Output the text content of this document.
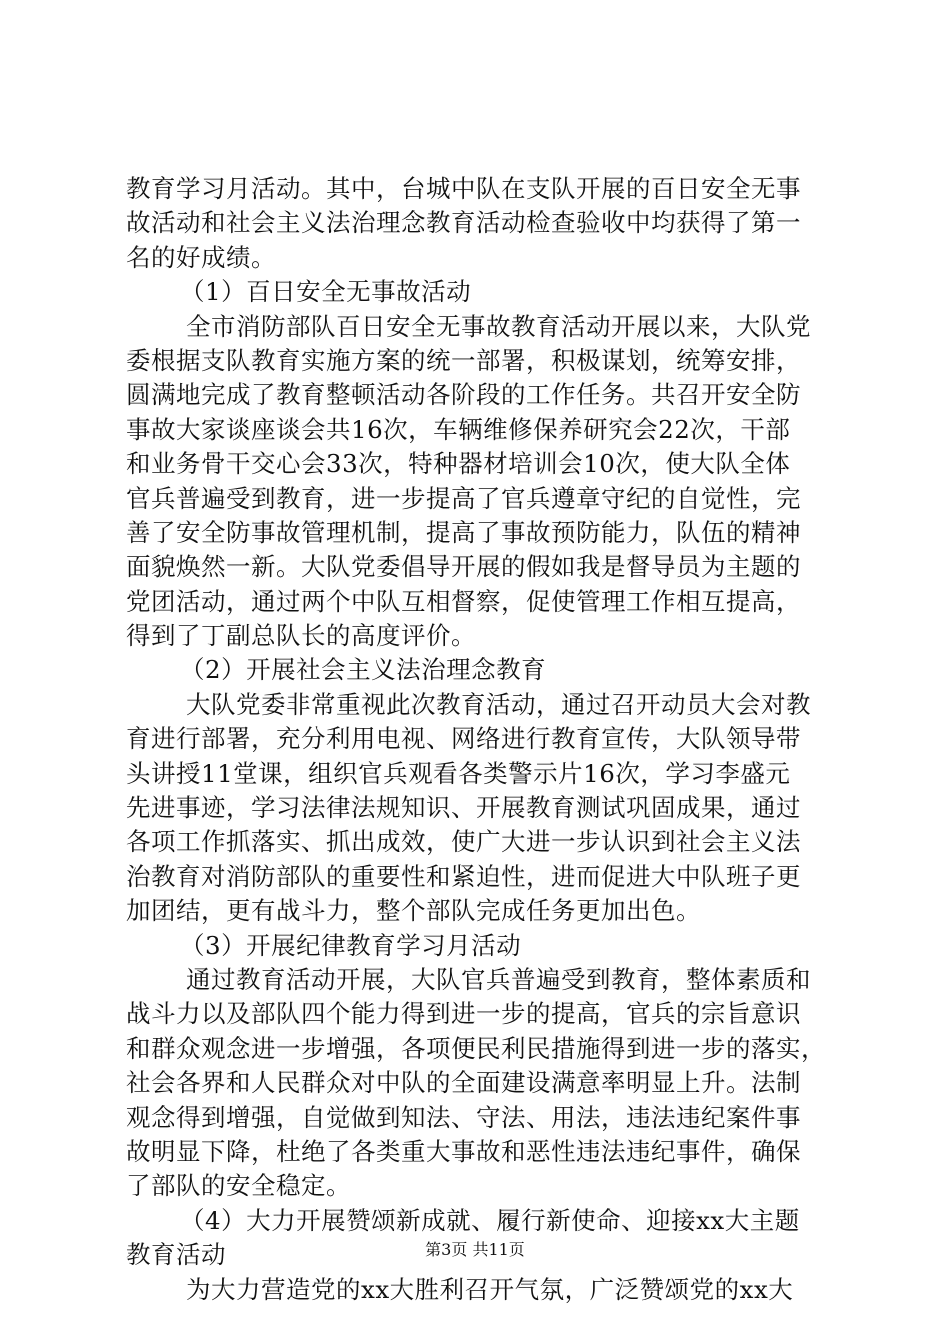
教育学习月活动。其中，台城中队在支队开展的百日安全无事
故活动和社会主义法治理念教育活动检查验收中均获得了第一
名的好成绩。
（1）百日安全无事故活动
全市消防部队百日安全无事故教育活动开展以来，大队党
委根据支队教育实施方案的统一部署，积极谋划，统筹安排，
圆满地完成了教育整顿活动各阶段的工作任务。共召开安全防
事故大家谈座谈会共16次，车辆维修保养研究会22次，干部
和业务骨干交心会33次，特种器材培训会10次，使大队全体
官兵普遍受到教育，进一步提高了官兵遵章守纪的自觉性，完
善了安全防事故管理机制，提高了事故预防能力，队伍的精神
面貌焕然一新。大队党委倡导开展的假如我是督导员为主题的
党团活动，通过两个中队互相督察，促使管理工作相互提高，
得到了丁副总队长的高度评价。
（2）开展社会主义法治理念教育
大队党委非常重视此次教育活动，通过召开动员大会对教
育进行部署，充分利用电视、网络进行教育宣传，大队领导带
头讲授11堂课，组织官兵观看各类警示片16次，学习李盛元
先进事迹，学习法律法规知识、开展教育测试巩固成果，通过
各项工作抓落实、抓出成效，使广大进一步认识到社会主义法
治教育对消防部队的重要性和紧迫性，进而促进大中队班子更
加团结，更有战斗力，整个部队完成任务更加出色。
（3）开展纪律教育学习月活动
通过教育活动开展，大队官兵普遍受到教育，整体素质和
战斗力以及部队四个能力得到进一步的提高，官兵的宗旨意识
和群众观念进一步增强，各项便民利民措施得到进一步的落实，
社会各界和人民群众对中队的全面建设满意率明显上升。法制
观念得到增强，自觉做到知法、守法、用法，违法违纪案件事
故明显下降，杜绝了各类重大事故和恶性违法违纪事件，确保
了部队的安全稳定。
（4）大力开展赞颂新成就、履行新使命、迎接xx大主题
教育活动
为大力营造党的xx大胜利召开气氛，广泛赞颂党的xx大
第3页 共11页
